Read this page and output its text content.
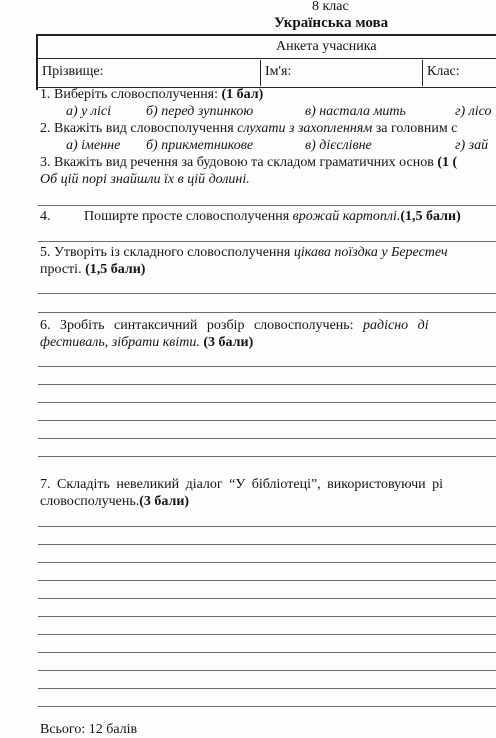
8 клас
Українська мова
Анкета учасника
Прізвище:	Ім'я:	Клас:
1. Виберіть словосполучення: (1 бал)
а) у лісі	б) перед зупинкою	в) настала мить	г) лісо
2. Вкажіть вид словосполучення слухати з захопленням за головним с
а) іменне б) прикметникове	в) дієслівне	г) зай
3. Вкажіть вид речення за будовою та складом граматичних основ (1 (
Об цій порі знайшли їх в цій долині.
4. Поширте просте словосполучення врожай картоплі.(1,5 бали)
5. Утворіть із складного словосполучення цікава поїздка у Берестеч
прості. (1,5 бали)
6. Зробіть синтаксичний розбір словосполучень: радісно ді
фестиваль, зібрати квіти. (3 бали)
7. Складіть невеликий діалог “У бібліотеці”, використовуючи рі
словосполучень.(3 бали)
Всього: 12 балів
